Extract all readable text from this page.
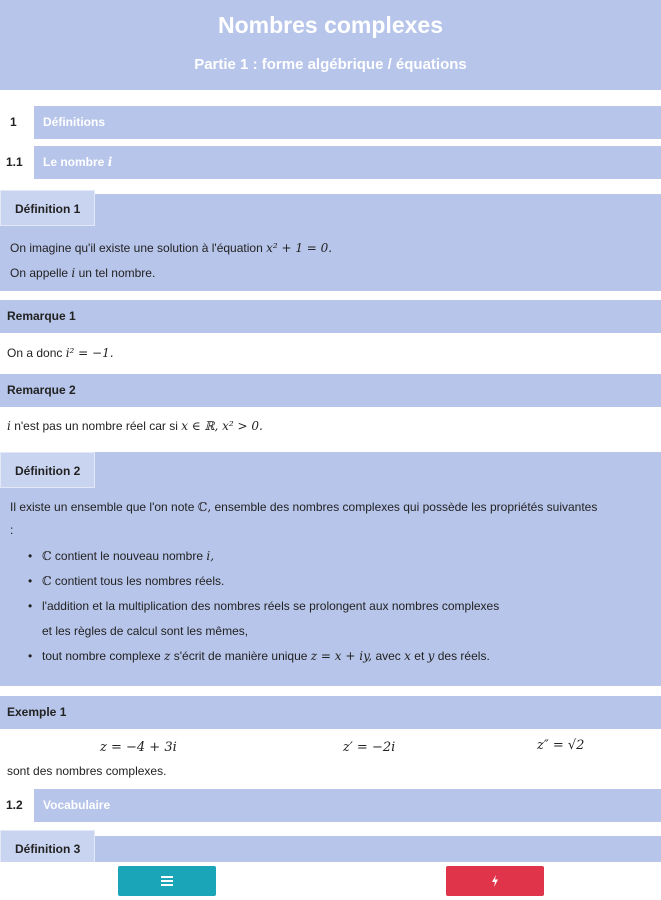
Nombres complexes
Partie 1 : forme algébrique / équations
1	Définitions
1.1	Le nombre i
Définition 1
On imagine qu'il existe une solution à l'équation x² + 1 = 0.
On appelle i un tel nombre.
Remarque 1
On a donc i² = −1.
Remarque 2
i n'est pas un nombre réel car si x ∈ ℝ, x² > 0.
Définition 2
Il existe un ensemble que l'on note ℂ, ensemble des nombres complexes qui possède les propriétés suivantes
:
• ℂ contient le nouveau nombre i,
• ℂ contient tous les nombres réels.
• l'addition et la multiplication des nombres réels se prolongent aux nombres complexes
et les règles de calcul sont les mêmes,
• tout nombre complexe z s'écrit de manière unique z = x + iy, avec x et y des réels.
Exemple 1
z = −4 + 3i	z′ = −2i	z″ = √2
sont des nombres complexes.
1.2	Vocabulaire
Définition 3
